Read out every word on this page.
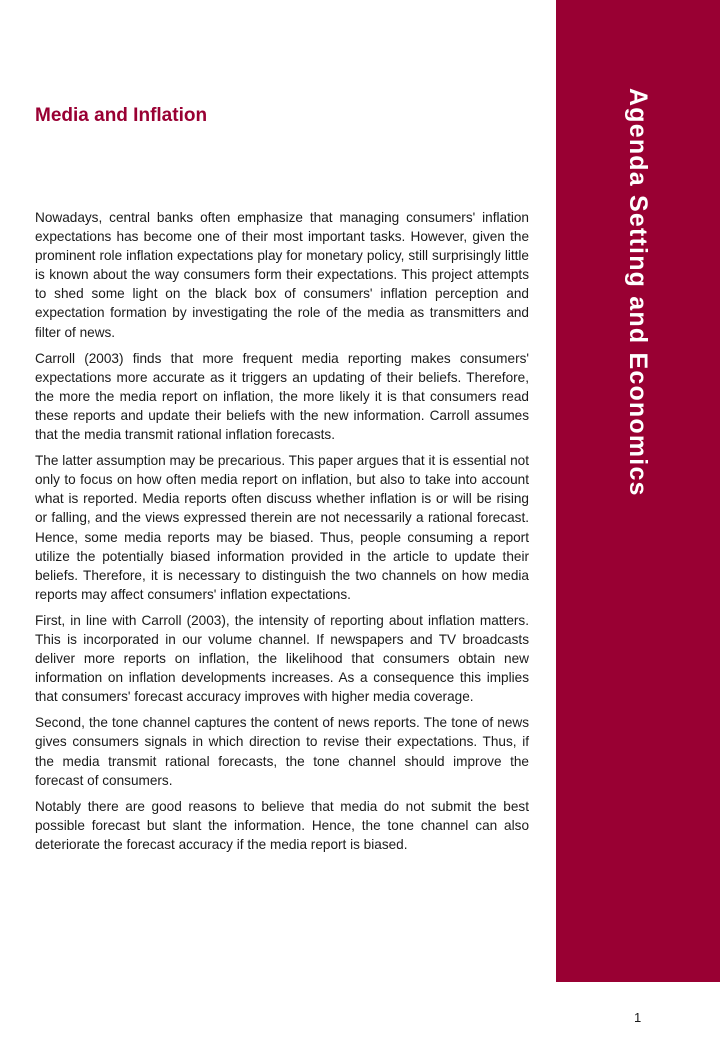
Agenda Setting and Economics
Media and Inflation

Nowadays, central banks often emphasize that managing consumers' inflation expectations has become one of their most important tasks. However, given the prominent role inflation expectations play for monetary policy, still surprisingly little is known about the way consumers form their expectations. This project attempts to shed some light on the black box of consumers' inflation perception and expectation formation by investigating the role of the media as transmitters and filter of news.

Carroll (2003) finds that more frequent media reporting makes consumers' expectations more accurate as it triggers an updating of their beliefs. Therefore, the more the media report on inflation, the more likely it is that consumers read these reports and update their beliefs with the new information. Carroll assumes that the media transmit rational inflation forecasts.

The latter assumption may be precarious. This paper argues that it is essential not only to focus on how often media report on inflation, but also to take into account what is reported. Media reports often discuss whether inflation is or will be rising or falling, and the views expressed therein are not necessarily a rational forecast. Hence, some media reports may be biased. Thus, people consuming a report utilize the potentially biased information provided in the article to update their beliefs. Therefore, it is necessary to distinguish the two channels on how media reports may affect consumers' inflation expectations.

First, in line with Carroll (2003), the intensity of reporting about inflation matters. This is incorporated in our volume channel. If newspapers and TV broadcasts deliver more reports on inflation, the likelihood that consumers obtain new information on inflation developments increases. As a consequence this implies that consumers' forecast accuracy improves with higher media coverage.

Second, the tone channel captures the content of news reports. The tone of news gives consumers signals in which direction to revise their expectations. Thus, if the media transmit rational forecasts, the tone channel should improve the forecast of consumers.

Notably there are good reasons to believe that media do not submit the best possible forecast but slant the information. Hence, the tone channel can also deteriorate the forecast accuracy if the media report is biased.

1
